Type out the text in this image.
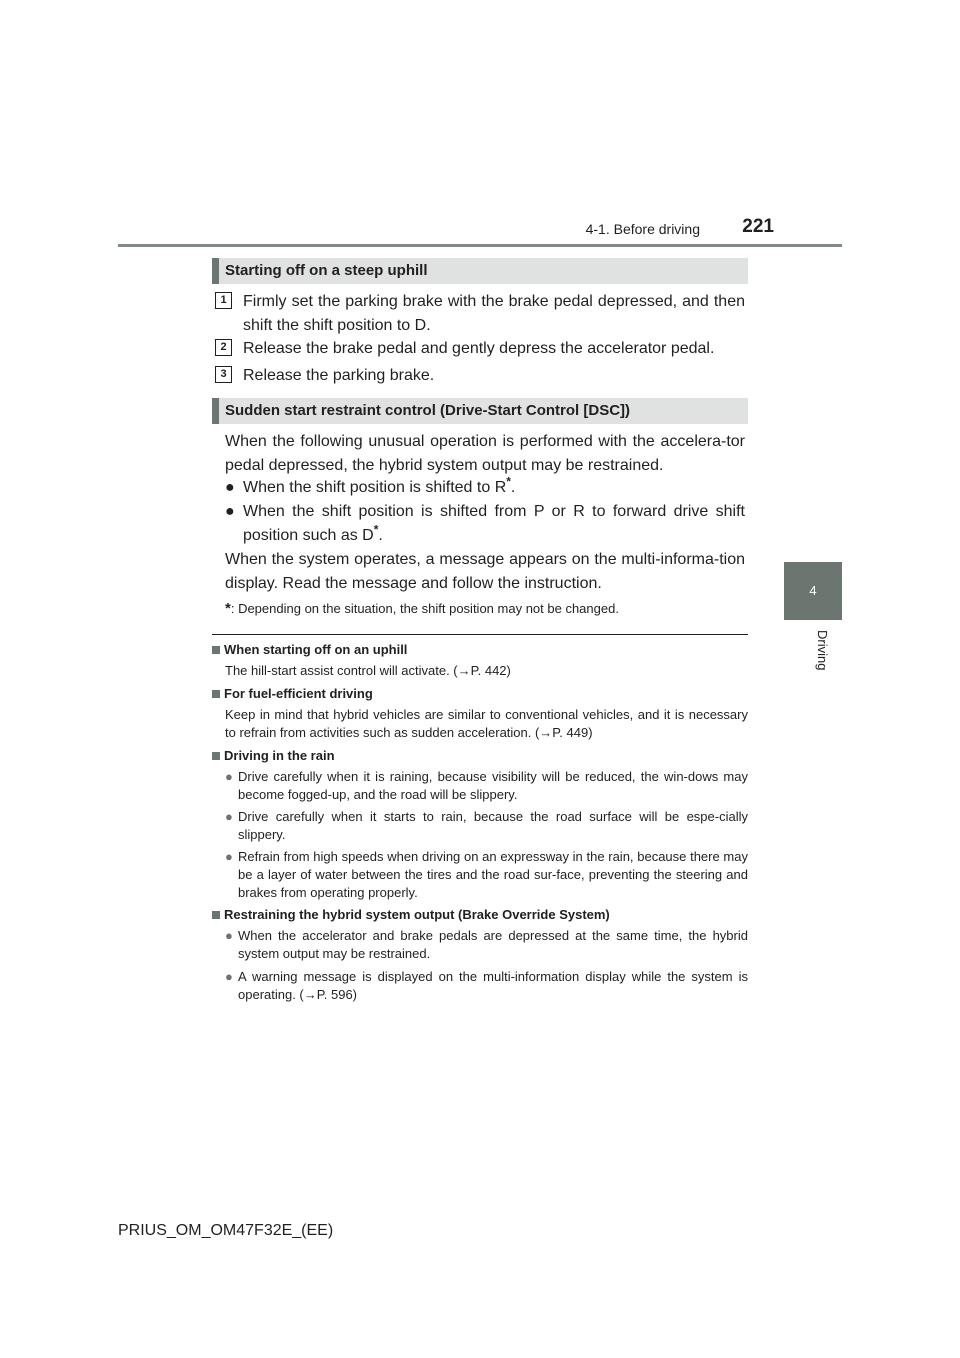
4-1. Before driving	221
4
Driving
Starting off on a steep uphill
1	Firmly set the parking brake with the brake pedal depressed, and then shift the shift position to D.
2	Release the brake pedal and gently depress the accelerator pedal.
3	Release the parking brake.
Sudden start restraint control (Drive-Start Control [DSC])
When the following unusual operation is performed with the accelera-tor pedal depressed, the hybrid system output may be restrained.
● When the shift position is shifted to R*.
● When the shift position is shifted from P or R to forward drive shift position such as D*.
When the system operates, a message appears on the multi-informa-tion display. Read the message and follow the instruction.
*: Depending on the situation, the shift position may not be changed.
When starting off on an uphill
The hill-start assist control will activate. (→P. 442)
For fuel-efficient driving
Keep in mind that hybrid vehicles are similar to conventional vehicles, and it is necessary to refrain from activities such as sudden acceleration. (→P. 449)
Driving in the rain
● Drive carefully when it is raining, because visibility will be reduced, the win-dows may become fogged-up, and the road will be slippery.
● Drive carefully when it starts to rain, because the road surface will be espe-cially slippery.
● Refrain from high speeds when driving on an expressway in the rain, because there may be a layer of water between the tires and the road sur-face, preventing the steering and brakes from operating properly.
Restraining the hybrid system output (Brake Override System)
● When the accelerator and brake pedals are depressed at the same time, the hybrid system output may be restrained.
● A warning message is displayed on the multi-information display while the system is operating. (→P. 596)
PRIUS_OM_OM47F32E_(EE)
